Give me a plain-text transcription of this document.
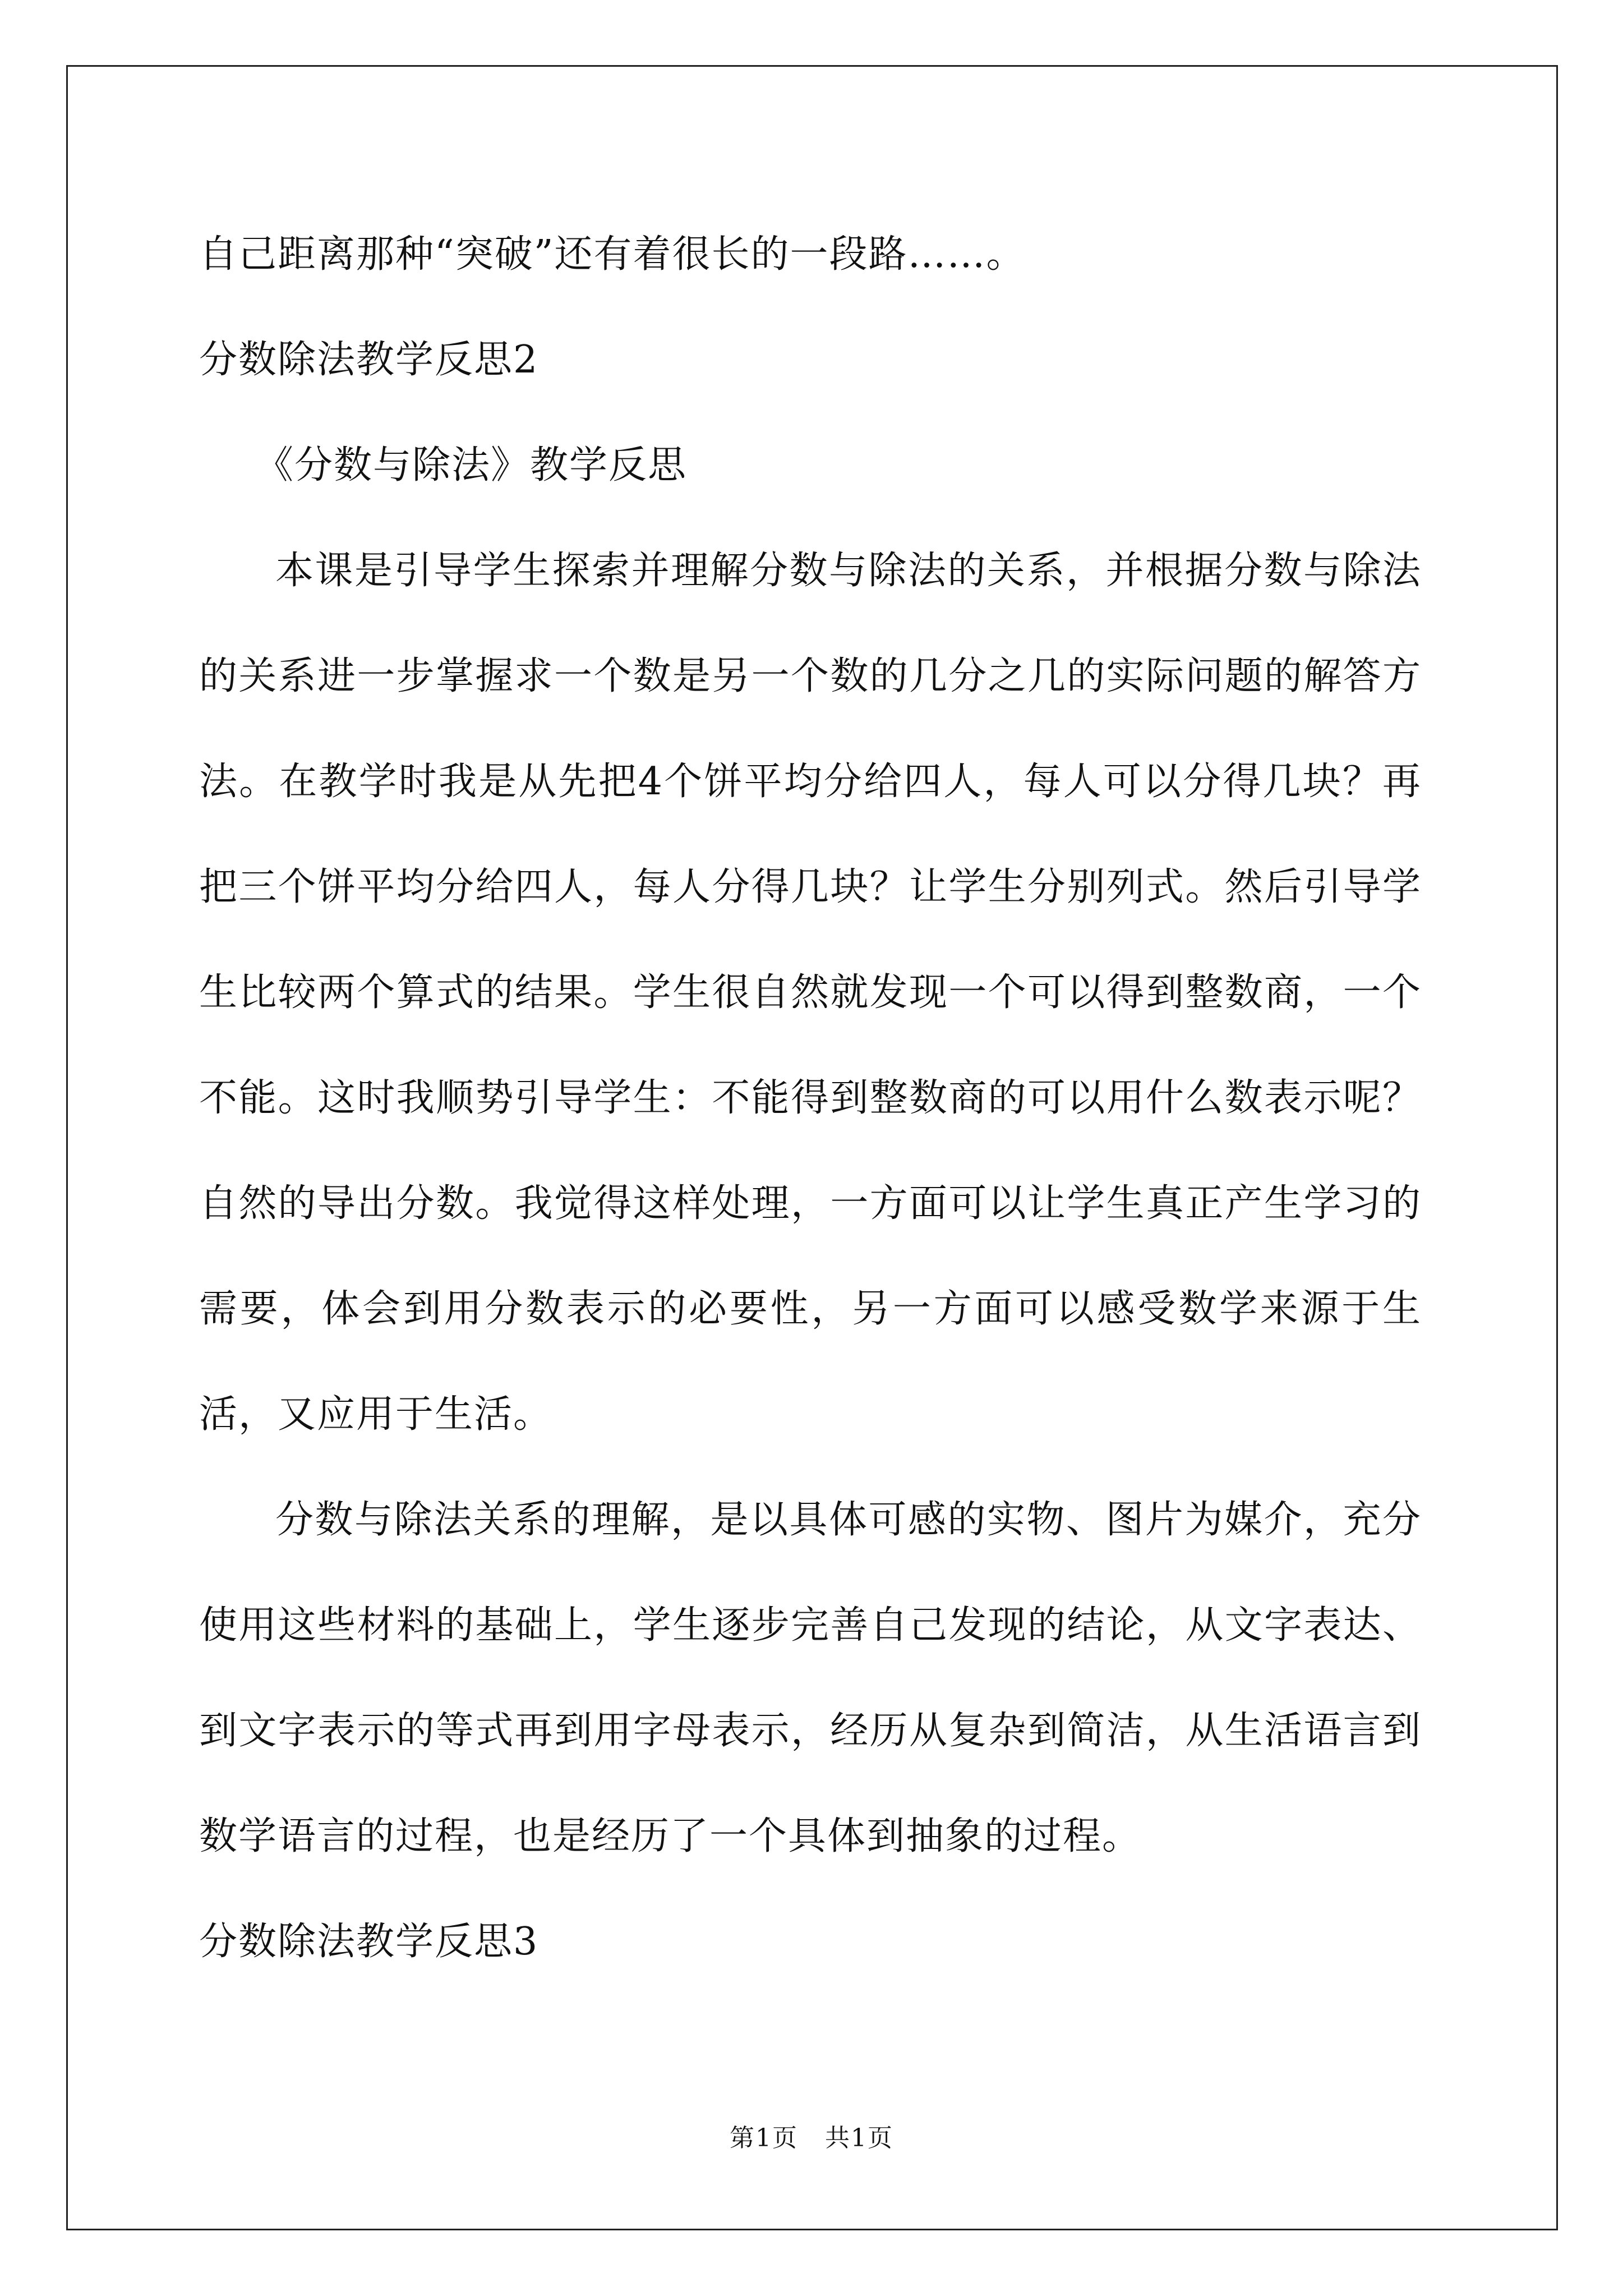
自己距离那种“突破”还有着很长的一段路……。

分数除法教学反思2

《分数与除法》教学反思

本课是引导学生探索并理解分数与除法的关系，并根据分数与除法的关系进一步掌握求一个数是另一个数的几分之几的实际问题的解答方法。在教学时我是从先把4个饼平均分给四人，每人可以分得几块？再把三个饼平均分给四人，每人分得几块？让学生分别列式。然后引导学生比较两个算式的结果。学生很自然就发现一个可以得到整数商，一个不能。这时我顺势引导学生：不能得到整数商的可以用什么数表示呢？自然的导出分数。我觉得这样处理，一方面可以让学生真正产生学习的需要，体会到用分数表示的必要性，另一方面可以感受数学来源于生活，又应用于生活。

分数与除法关系的理解，是以具体可感的实物、图片为媒介，充分使用这些材料的基础上，学生逐步完善自己发现的结论，从文字表达、到文字表示的等式再到用字母表示，经历从复杂到简洁，从生活语言到数学语言的过程，也是经历了一个具体到抽象的过程。

分数除法教学反思3

第1页 共1页
